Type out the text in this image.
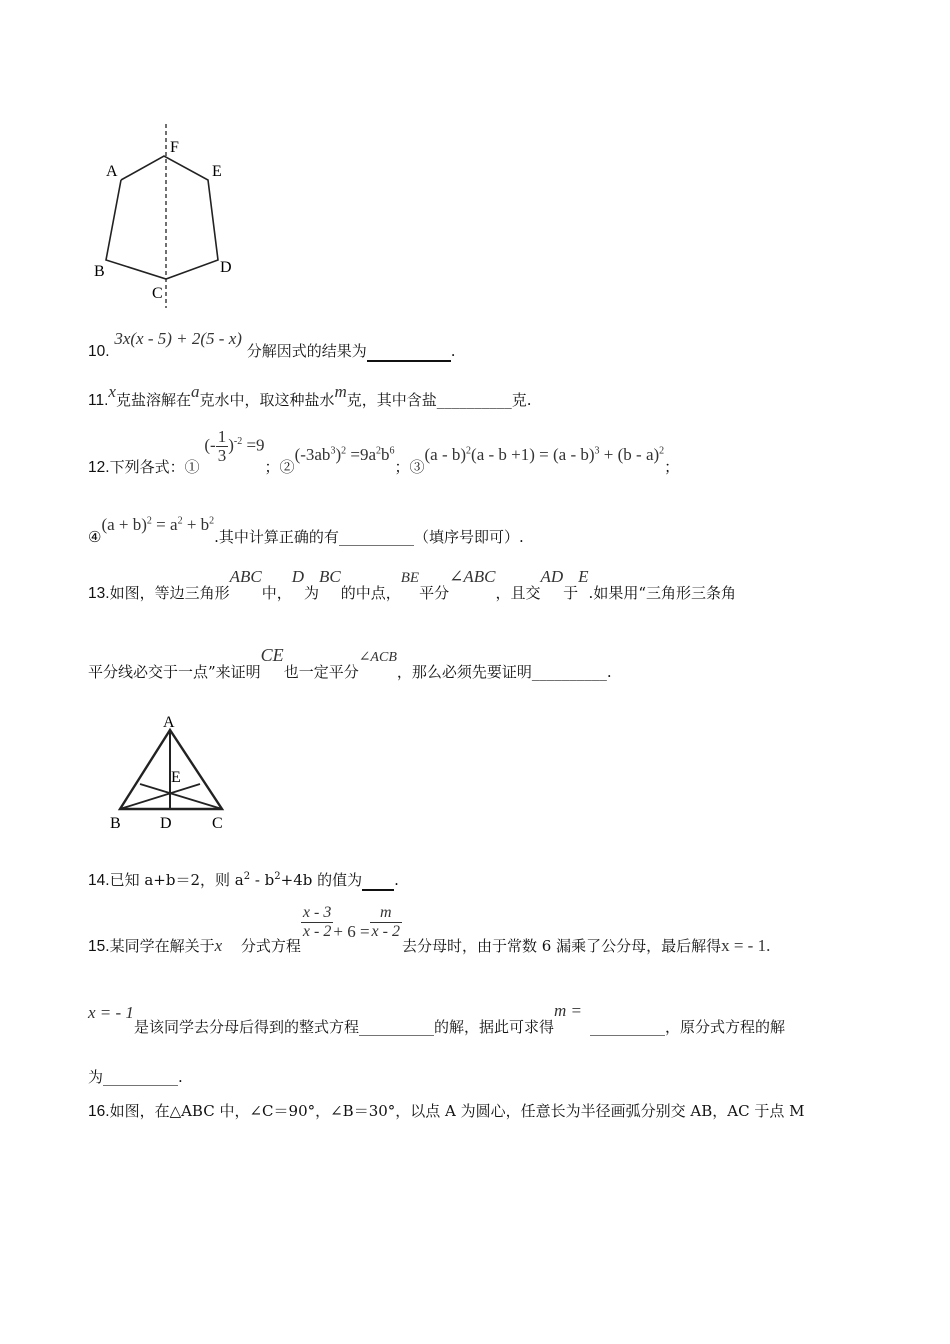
A
F
E
B	D
C
10. 3x(x - 5) + 2(5 - x) 分解因式的结果为	.
11.x克盐溶解在a克水中，取这种盐水m克，其中含盐__________克.
12.下列各式：① (- $\frac{1}{3} )^{-2} =9$；$②(-3ab^3)^2 =9a^2b^6$；③(a - b)$^2$(a - b +1) = (a - b)$^3$ + (b - a)$^2$；
④(a + $b)^2 = a^2 + b^2$.其中计算正确的有__________（填序号即可）.
13.如图，等边三角形ABC中，D为BC的中点，BE平分∠ABC，且交AD于E.如果用“三角形三条角
平分线必交于一点”来证明CE也一定平分∠ACB，那么必须先要证明__________.
A
E
B D	C
14.已知 a+b＝2，则 $a^2 - b^2+4b$ 的值为 .
15.某同学在解关于x 分式方程
$\frac{x - 3}{x - 2} + 6 = \frac{m}{x - 2}$
去分母时，由于常数 6 漏乘了公分母，最后解得x = - 1.
x = - 1是该同学去分母后得到的整式方程__________的解，据此可求得m =__________，原分式方程的解
为__________.
16.如图，在△ABC 中，∠C＝90°，∠B＝30°，以点 A 为圆心，任意长为半径画弧分别交 AB，AC 于点 M
